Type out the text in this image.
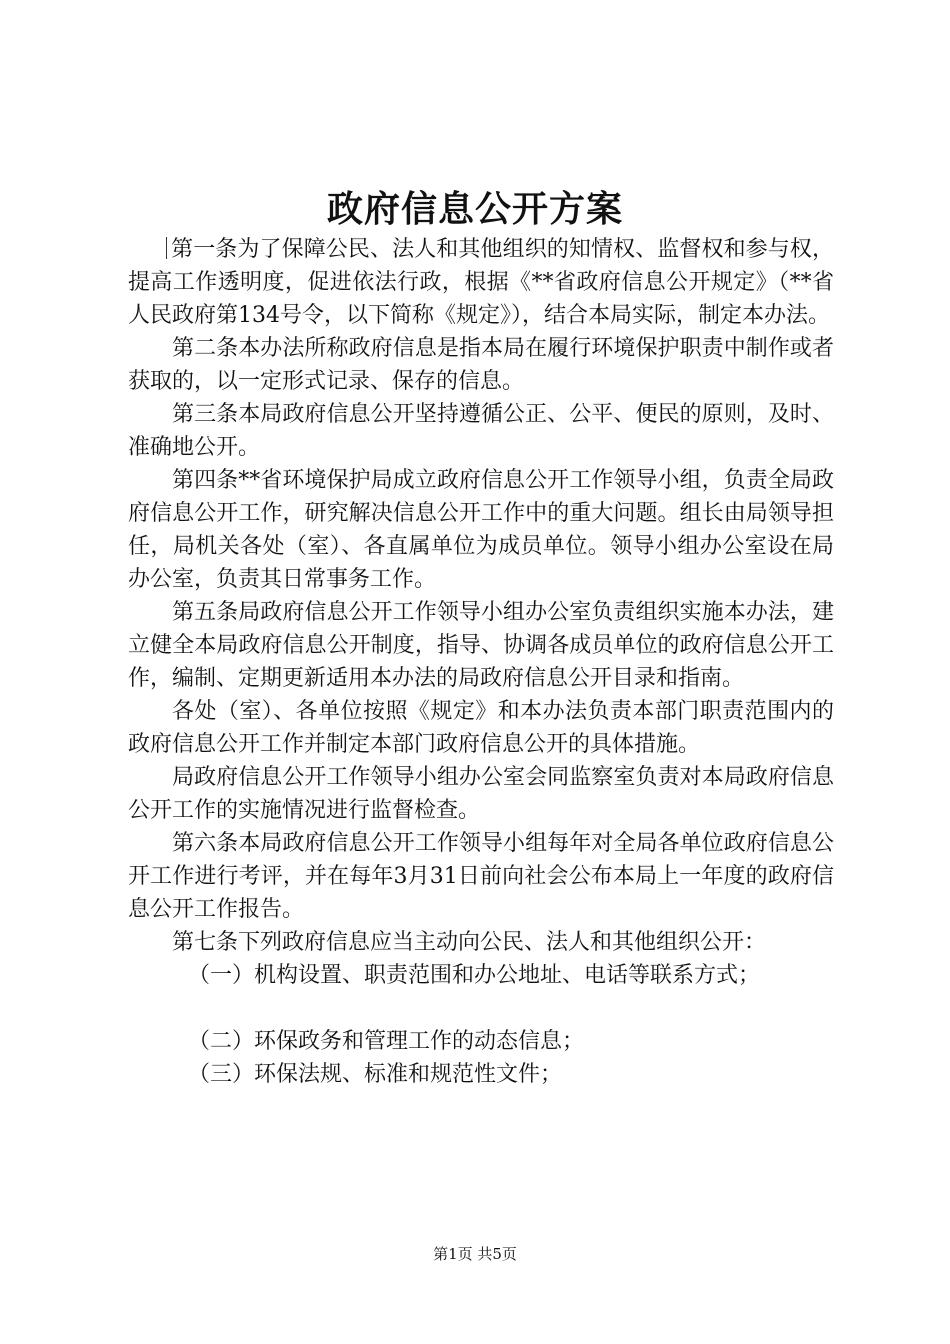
政府信息公开方案

第一条为了保障公民、法人和其他组织的知情权、监督权和参与权，提高工作透明度，促进依法行政，根据《**省政府信息公开规定》（**省人民政府第134号令，以下简称《规定》），结合本局实际，制定本办法。

第二条本办法所称政府信息是指本局在履行环境保护职责中制作或者获取的，以一定形式记录、保存的信息。

第三条本局政府信息公开坚持遵循公正、公平、便民的原则，及时、准确地公开。

第四条**省环境保护局成立政府信息公开工作领导小组，负责全局政府信息公开工作，研究解决信息公开工作中的重大问题。组长由局领导担任，局机关各处（室）、各直属单位为成员单位。领导小组办公室设在局办公室，负责其日常事务工作。

第五条局政府信息公开工作领导小组办公室负责组织实施本办法，建立健全本局政府信息公开制度，指导、协调各成员单位的政府信息公开工作，编制、定期更新适用本办法的局政府信息公开目录和指南。

各处（室）、各单位按照《规定》和本办法负责本部门职责范围内的政府信息公开工作并制定本部门政府信息公开的具体措施。

局政府信息公开工作领导小组办公室会同监察室负责对本局政府信息公开工作的实施情况进行监督检查。

第六条本局政府信息公开工作领导小组每年对全局各单位政府信息公开工作进行考评，并在每年3月31日前向社会公布本局上一年度的政府信息公开工作报告。

第七条下列政府信息应当主动向公民、法人和其他组织公开：

（一）机构设置、职责范围和办公地址、电话等联系方式；

（二）环保政务和管理工作的动态信息；

（三）环保法规、标准和规范性文件；

第1页 共5页
